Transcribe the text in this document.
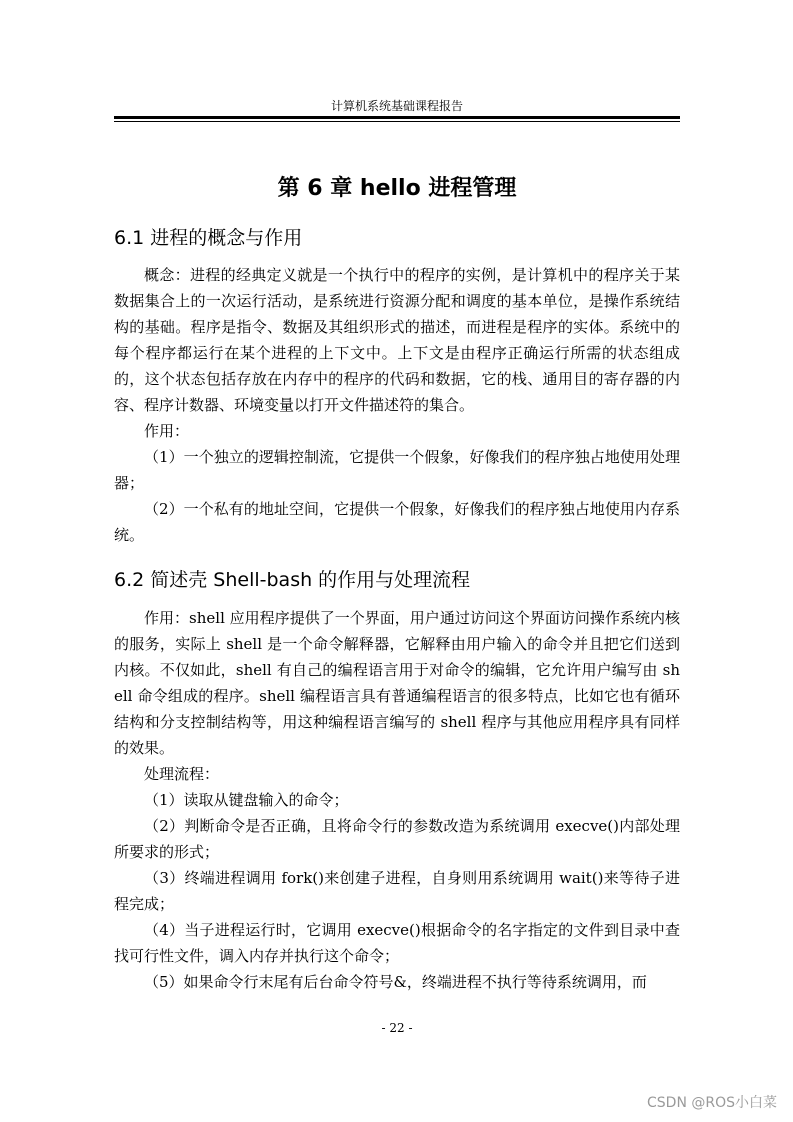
计算机系统基础课程报告
第 6 章 hello 进程管理
6.1 进程的概念与作用

概念：进程的经典定义就是一个执行中的程序的实例，是计算机中的程序关于某数据集合上的一次运行活动，是系统进行资源分配和调度的基本单位，是操作系统结构的基础。程序是指令、数据及其组织形式的描述，而进程是程序的实体。系统中的每个程序都运行在某个进程的上下文中。上下文是由程序正确运行所需的状态组成的，这个状态包括存放在内存中的程序的代码和数据，它的栈、通用目的寄存器的内容、程序计数器、环境变量以打开文件描述符的集合。

作用：

（1）一个独立的逻辑控制流，它提供一个假象，好像我们的程序独占地使用处理器；

（2）一个私有的地址空间，它提供一个假象，好像我们的程序独占地使用内存系统。

6.2 简述壳 Shell-bash 的作用与处理流程

作用：shell 应用程序提供了一个界面，用户通过访问这个界面访问操作系统内核的服务，实际上 shell 是一个命令解释器，它解释由用户输入的命令并且把它们送到内核。不仅如此，shell 有自己的编程语言用于对命令的编辑，它允许用户编写由 shell 命令组成的程序。shell 编程语言具有普通编程语言的很多特点，比如它也有循环结构和分支控制结构等，用这种编程语言编写的 shell 程序与其他应用程序具有同样的效果。

处理流程：

（1）读取从键盘输入的命令；

（2）判断命令是否正确，且将命令行的参数改造为系统调用 execve()内部处理所要求的形式；

（3）终端进程调用 fork()来创建子进程，自身则用系统调用 wait()来等待子进程完成；

（4）当子进程运行时，它调用 execve()根据命令的名字指定的文件到目录中查找可行性文件，调入内存并执行这个命令；

（5）如果命令行末尾有后台命令符号&，终端进程不执行等待系统调用，而

- 22 -
CSDN @ROS小白菜
